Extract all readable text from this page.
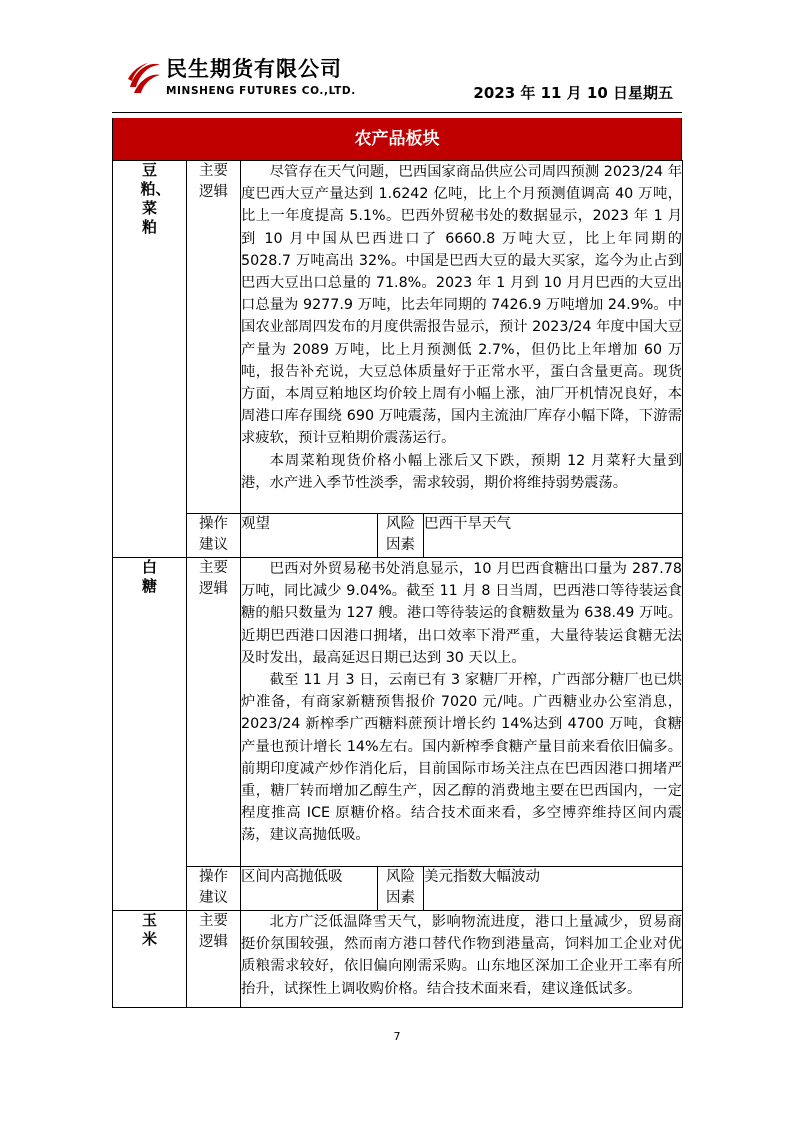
民生期货有限公司
MINSHENG FUTURES CO.,LTD.	2023 年 11 月 10 日星期五
农产品板块
豆粕、菜粕	主要逻辑	尽管存在天气问题，巴西国家商品供应公司周四预测 2023/24 年度巴西大豆产量达到 1.6242 亿吨，比上个月预测值调高 40 万吨，比上一年度提高 5.1%。巴西外贸秘书处的数据显示，2023 年 1 月到 10 月中国从巴西进口了 6660.8 万吨大豆，比上年同期的 5028.7 万吨高出 32%。中国是巴西大豆的最大买家，迄今为止占到巴西大豆出口总量的 71.8%。2023 年 1 月到 10 月月巴西的大豆出口总量为 9277.9 万吨，比去年同期的 7426.9 万吨增加 24.9%。中国农业部周四发布的月度供需报告显示，预计 2023/24 年度中国大豆产量为 2089 万吨，比上月预测低 2.7%，但仍比上年增加 60 万吨，报告补充说，大豆总体质量好于正常水平，蛋白含量更高。现货方面，本周豆粕地区均价较上周有小幅上涨，油厂开机情况良好，本周港口库存围绕 690 万吨震荡，国内主流油厂库存小幅下降，下游需求疲软，预计豆粕期价震荡运行。

本周菜粕现货价格小幅上涨后又下跌，预期 12 月菜籽大量到港，水产进入季节性淡季，需求较弱，期价将维持弱势震荡。		

	操作建议	观望	风险因素	巴西干旱天气
白糖	主要逻辑	巴西对外贸易秘书处消息显示，10 月巴西食糖出口量为 287.78 万吨，同比减少 9.04%。截至 11 月 8 日当周，巴西港口等待装运食糖的船只数量为 127 艘。港口等待装运的食糖数量为 638.49 万吨。近期巴西港口因港口拥堵，出口效率下滑严重，大量待装运食糖无法及时发出，最高延迟日期已达到 30 天以上。

截至 11 月 3 日，云南已有 3 家糖厂开榨，广西部分糖厂也已烘炉准备，有商家新糖预售报价 7020 元/吨。广西糖业办公室消息，2023/24 新榨季广西糖料蔗预计增长约 14%达到 4700 万吨，食糖产量也预计增长 14%左右。国内新榨季食糖产量目前来看依旧偏多。前期印度减产炒作消化后，目前国际市场关注点在巴西因港口拥堵严重，糖厂转而增加乙醇生产，因乙醇的消费地主要在巴西国内，一定程度推高 ICE 原糖价格。结合技术面来看，多空博弈维持区间内震荡，建议高抛低吸。		

	操作建议	区间内高抛低吸	风险因素	美元指数大幅波动
玉米	主要逻辑	北方广泛低温降雪天气，影响物流进度，港口上量减少，贸易商挺价氛围较强，然而南方港口替代作物到港量高，饲料加工企业对优质粮需求较好，依旧偏向刚需采购。山东地区深加工企业开工率有所抬升，试探性上调收购价格。结合技术面来看，建议逢低试多。		

7
